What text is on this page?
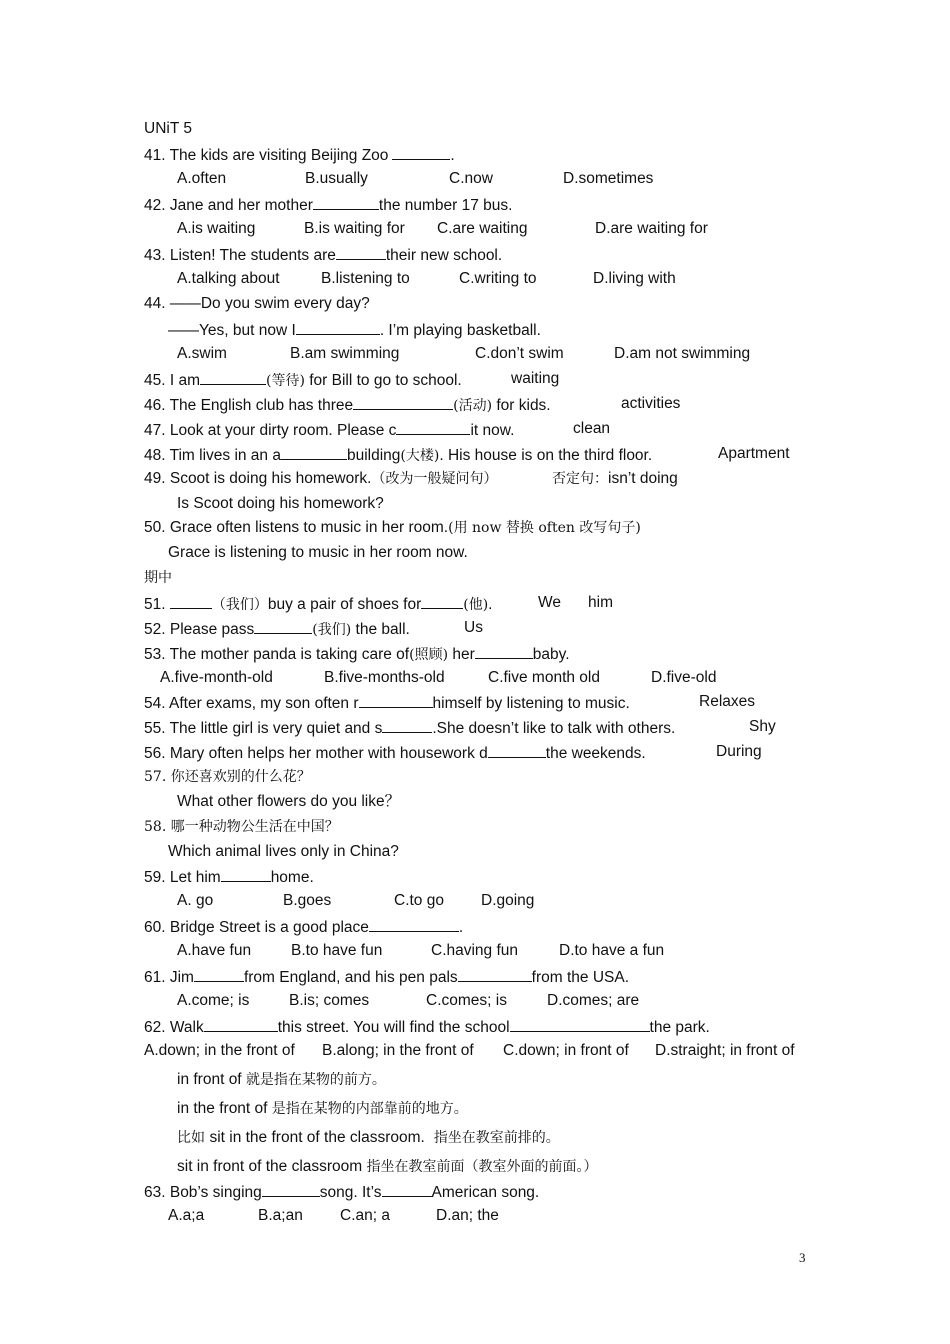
UNiT 5
41. The kids are visiting Beijing Zoo	.
A.often	B.usually	C.now	D.sometimes
42. Jane and her mother	the number 17 bus.
A.is waiting	B.is waiting for C.are waiting	D.are waiting for
43. Listen! The students are	their new school.
A.talking about	B.listening to	C.writing to	D.living with
44. ——Do you swim every day?
——Yes, but now I	. I’m playing basketball.
A.swim	B.am swimming	C.don’t swim	D.am not swimming
45. I am	(等待) for Bill to go to school.	waiting
46. The English club has three	(活动) for kids.	activities
47. Look at your dirty room. Please c	it now.	clean
48. Tim lives in an a	building(大楼). His house is on the third floor.	Apartment
49. Scoot is doing his homework.（改为一般疑问句）	否定句：isn’t doing
Is Scoot doing his homework?
50. Grace often listens to music in her room.(用 now 替换 often 改写句子)
Grace is listening to music in her room now.
期中
51.	（我们）buy a pair of shoes for	(他).	We him
52. Please pass	(我们) the ball.	Us
53. The mother panda is taking care of(照顾) her	baby.
A.five-month-old	B.five-months-old	C.five month old	D.five-old
54. After exams, my son often r	himself by listening to music.	Relaxes
55. The little girl is very quiet and s	.She doesn’t like to talk with others.	Shy
56. Mary often helps her mother with housework d	the weekends.	During
57. 你还喜欢别的什么花？
What other flowers do you like？
58. 哪一种动物公生活在中国？
Which animal lives only in China?
59. Let him	home.
A. go	B.goes	C.to go D.going
60. Bridge Street is a good place	.
A.have fun	B.to have fun	C.having fun	D.to have a fun
61. Jim	from England, and his pen pals	from the USA.
A.come; is	B.is; comes	C.comes; is	D.comes; are
62. Walk	this street. You will find the school	the park.
A.down; in the front of B.along; in the front of C.down; in front of D.straight; in front of
in front of 就是指在某物的前方。
in the front of 是指在某物的内部靠前的地方。
比如 sit in the front of the classroom.  指坐在教室前排的。
sit in front of the classroom 指坐在教室前面（教室外面的前面。）
63. Bob’s singing	song. It’s	American song.
A.a;a	B.a;an C.an; a	D.an; the
3
